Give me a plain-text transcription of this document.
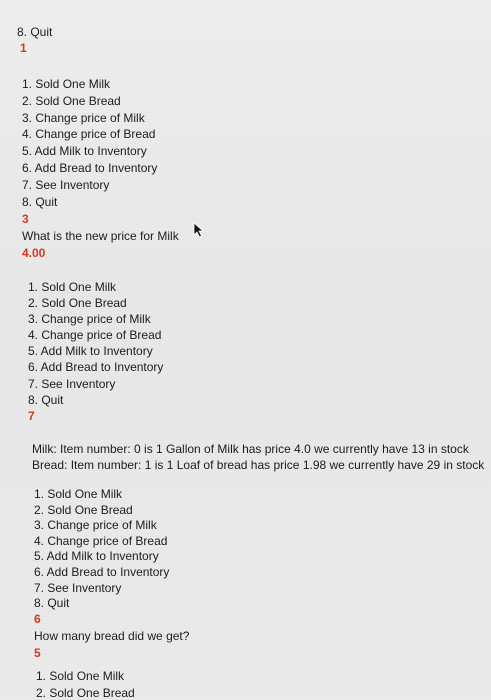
8. Quit
1
1. Sold One Milk
2. Sold One Bread
3. Change price of Milk
4. Change price of Bread
5. Add Milk to Inventory
6. Add Bread to Inventory
7. See Inventory
8. Quit
3
What is the new price for Milk
4.00
1. Sold One Milk
2. Sold One Bread
3. Change price of Milk
4. Change price of Bread
5. Add Milk to Inventory
6. Add Bread to Inventory
7. See Inventory
8. Quit
7
Milk: Item number: 0 is 1 Gallon of Milk has price 4.0 we currently have 13 in stock
Bread: Item number: 1 is 1 Loaf of bread has price 1.98 we currently have 29 in stock
1. Sold One Milk
2. Sold One Bread
3. Change price of Milk
4. Change price of Bread
5. Add Milk to Inventory
6. Add Bread to Inventory
7. See Inventory
8. Quit
6
How many bread did we get?
5
1. Sold One Milk
2. Sold One Bread
